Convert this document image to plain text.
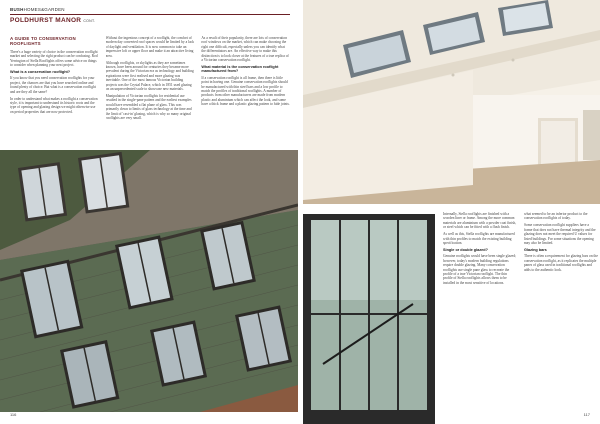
BUSHHOMES&GARDEN
POLDHURST MANOR CONT.
A GUIDE TO CONSERVATION ROOFLIGHTS

There's a huge variety of choice in the conservation rooflight market and selecting the right product can be confusing. Rod Yerrington of Stella Rooflights offers some advice on things to consider when planning your next project.

What is a conservation rooflight?

If you know that you need conservation rooflights for your project, the chances are that you have searched online and found plenty of choice. But what is a conservation rooflight and are they all the same?

In order to understand what makes a rooflight a conservation style, it is important to understand its historic roots and the type of opening and glazing design we might otherwise use on period properties that are now protected.

Without the ingenious concept of a rooflight, the comfort of modern day converted roof spaces would be limited by a lack of daylight and ventilation. It is now common to take an impressive loft or upper floor and make it an attractive living area.

Although rooflights, or skylights as they are sometimes known, have been around for centuries they became more prevalent during the Victorian era as technology and building aspirations were first realised and more glazing was inevitable. One of the most famous Victorian building projects was the Crystal Palace, which in 1851 used glazing on an unprecedented scale to showcase new materials.

Manipulation of Victorian rooflights for residential use resulted in the single-pane pattern and the earliest examples would have resembled a flat plane of glass. This was primarily down to limits of glass technology at the time and the limit of 'cast-in' glazing, which is why so many original rooflights are very small.

As a result of their popularity, there are lots of conservation roof windows on the market, which can make choosing the right one difficult, especially unless you can identify what the differentiators are. An effective way to make this distinction is to look closer at the features of a true replica of a Victorian conservation rooflight.

What material is the conservation rooflight manufactured from?

If a conservation rooflight is all frame, then there is little point in having one. Genuine conservation rooflights should be manufactured with thin steel bars and a low profile to match the profiles of traditional rooflights. A number of products from other manufacturers are made from modern plastic and aluminium which can affect the look, and some have a thick frame and a plastic glazing pattern to hide joints.

116

Internally, Stella rooflights are finished with a wooden liner or frame. Among the more common materials are aluminium with a powder coat finish, or steel which can be fitted with a flush finish.

As well as this, Stella rooflights are manufactured with thin profiles to match the existing building specification.

Single or double glazed?

Genuine rooflights would have been single glazed; however, today's modern building regulations require double glazing. Many conservation rooflights use single pane glass to recreate the profile of a true Victorian rooflight. The thin profile of Stella rooflights allows them to be installed in the most sensitive of locations.

what seemed to be an inferior product to the conservation rooflights of today.

Some conservation rooflight suppliers have a frame that does not have thermal integrity and the glazing does not meet the required U values for listed buildings. For some situations the opening may also be limited.

Glazing bars

There is often a requirement for glazing bars on the conservation rooflight, as it replicates the multiple panes of glass used in traditional rooflights and adds to the authentic look.

117
